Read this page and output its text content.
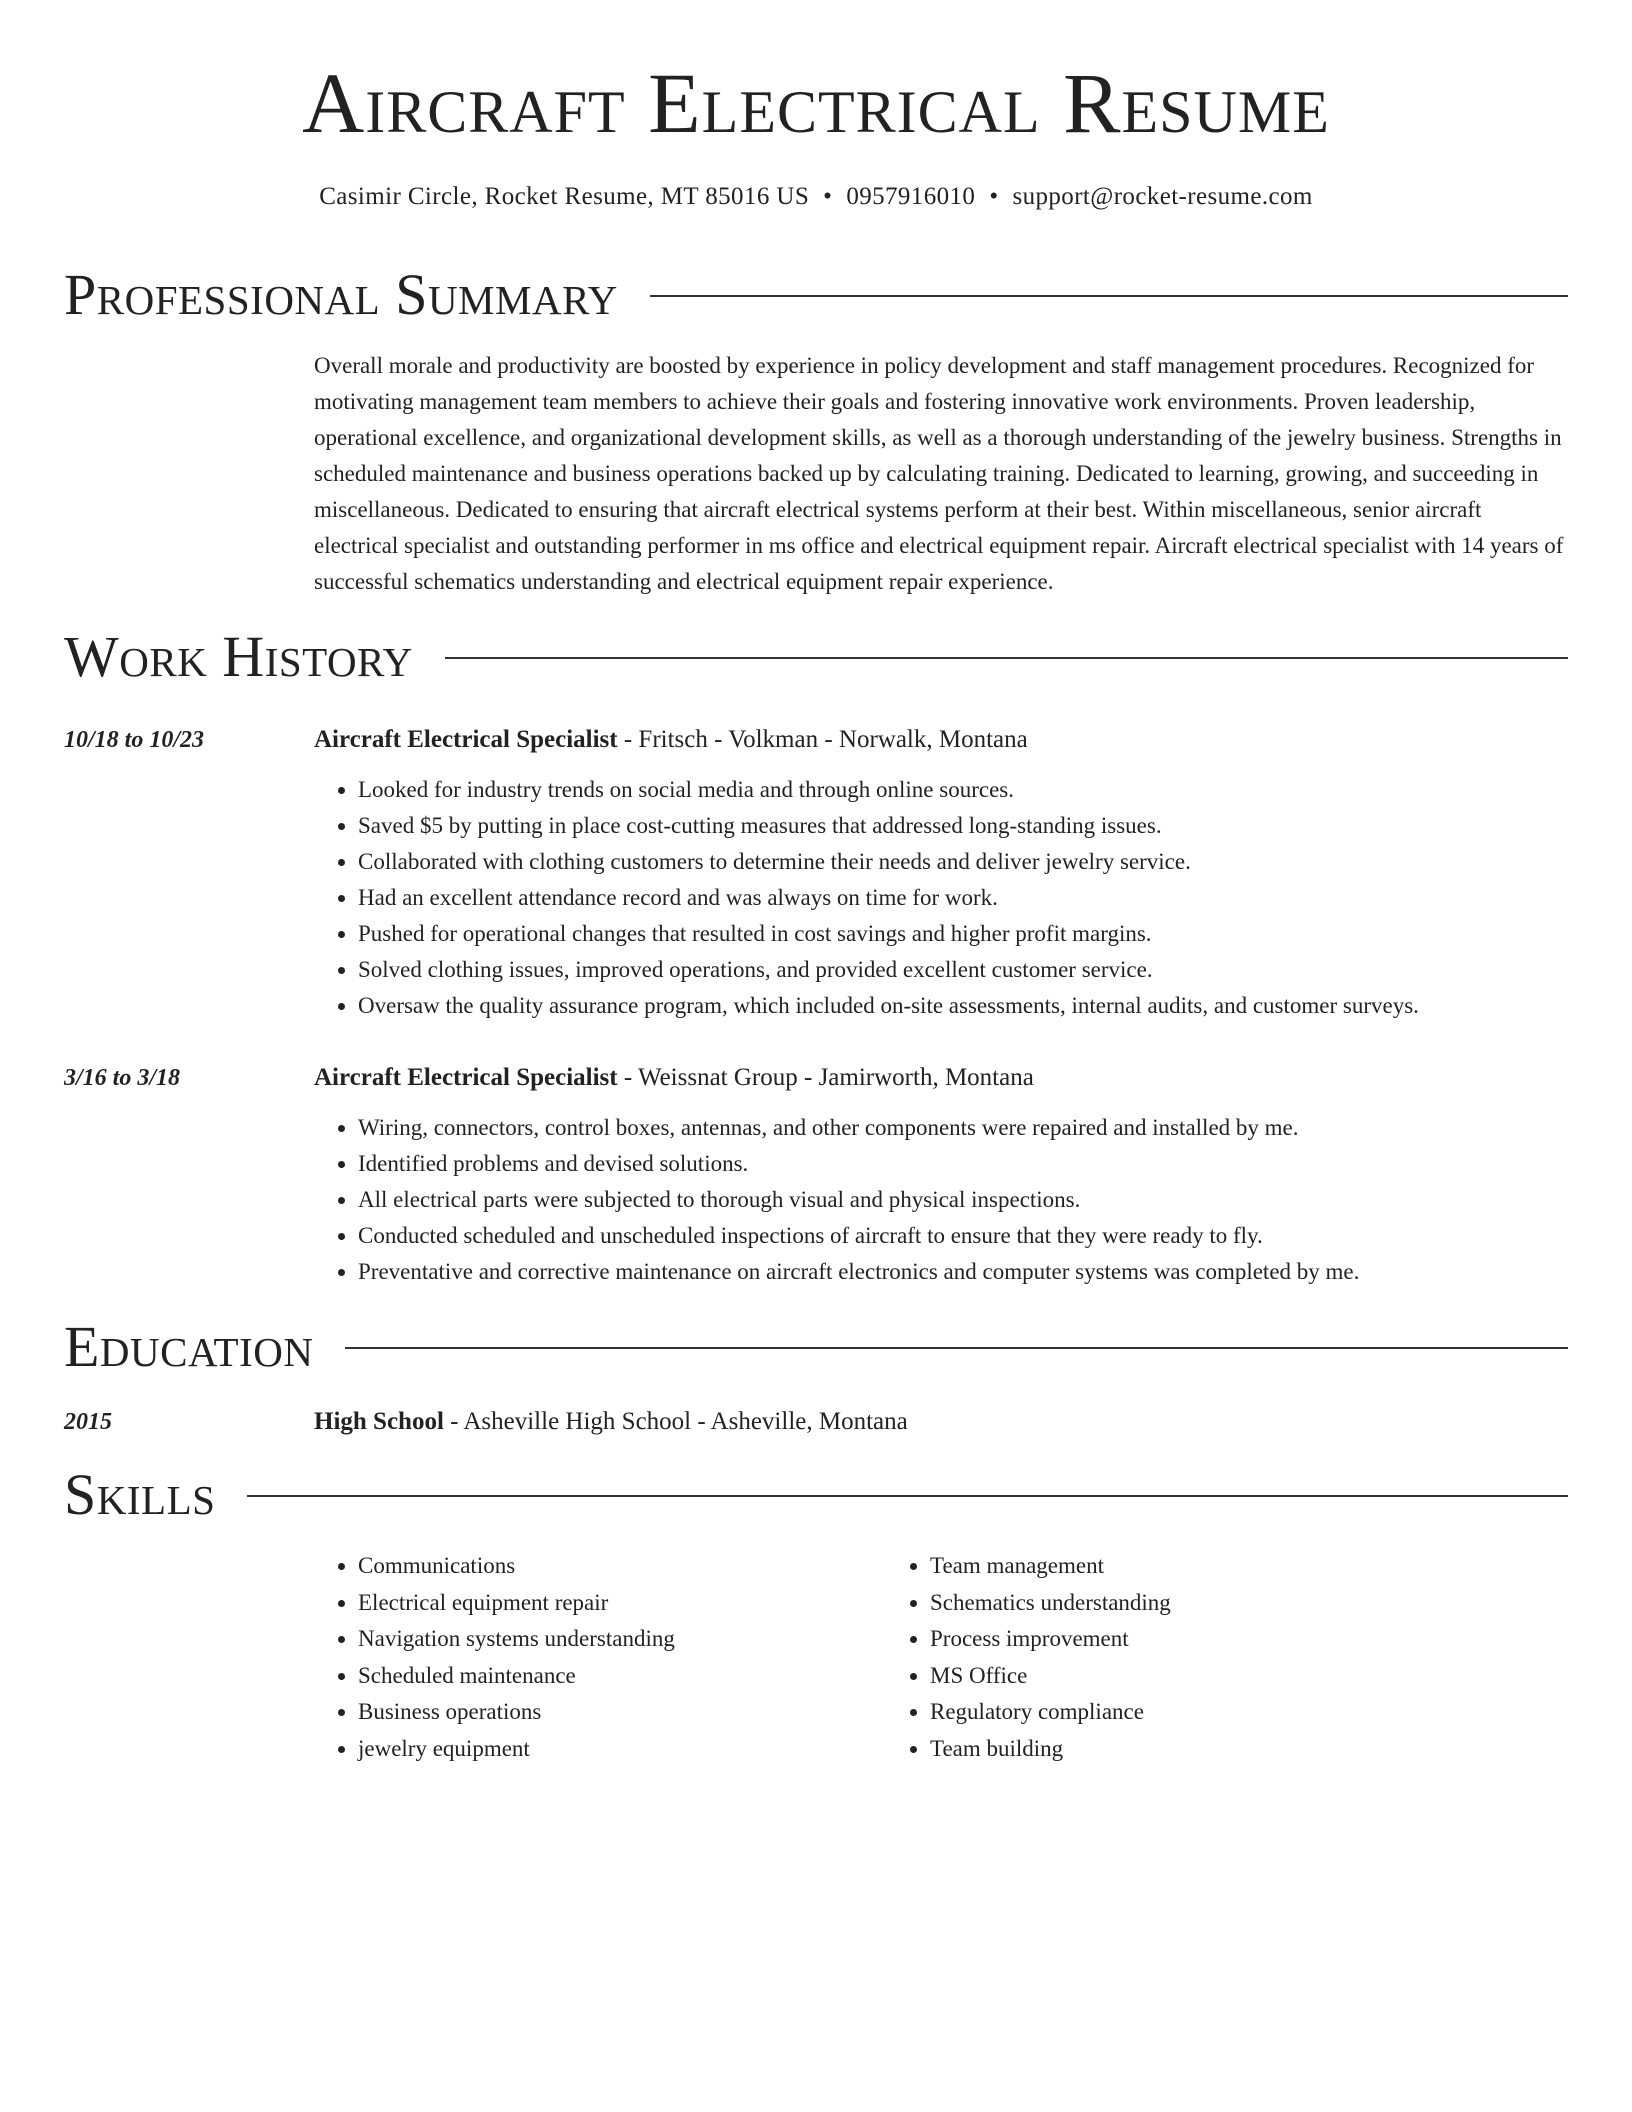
Aircraft Electrical Resume
Casimir Circle, Rocket Resume, MT 85016 US • 0957916010 • support@rocket-resume.com
Professional Summary

Overall morale and productivity are boosted by experience in policy development and staff management procedures. Recognized for motivating management team members to achieve their goals and fostering innovative work environments. Proven leadership, operational excellence, and organizational development skills, as well as a thorough understanding of the jewelry business. Strengths in scheduled maintenance and business operations backed up by calculating training. Dedicated to learning, growing, and succeeding in miscellaneous. Dedicated to ensuring that aircraft electrical systems perform at their best. Within miscellaneous, senior aircraft electrical specialist and outstanding performer in ms office and electrical equipment repair. Aircraft electrical specialist with 14 years of successful schematics understanding and electrical equipment repair experience.

Work History
10/18 to 10/23	Aircraft Electrical Specialist - Fritsch - Volkman - Norwalk, Montana
• Looked for industry trends on social media and through online sources.
• Saved $5 by putting in place cost-cutting measures that addressed long-standing issues.
• Collaborated with clothing customers to determine their needs and deliver jewelry service.
• Had an excellent attendance record and was always on time for work.
• Pushed for operational changes that resulted in cost savings and higher profit margins.
• Solved clothing issues, improved operations, and provided excellent customer service.
• Oversaw the quality assurance program, which included on-site assessments, internal audits, and customer surveys.
3/16 to 3/18	Aircraft Electrical Specialist - Weissnat Group - Jamirworth, Montana
• Wiring, connectors, control boxes, antennas, and other components were repaired and installed by me.
• Identified problems and devised solutions.
• All electrical parts were subjected to thorough visual and physical inspections.
• Conducted scheduled and unscheduled inspections of aircraft to ensure that they were ready to fly.
• Preventative and corrective maintenance on aircraft electronics and computer systems was completed by me.
Education
2015	High School - Asheville High School - Asheville, Montana
Skills
• Communications
• Electrical equipment repair
• Navigation systems understanding
• Scheduled maintenance
• Business operations
• jewelry equipment
• Team management
• Schematics understanding
• Process improvement
• MS Office
• Regulatory compliance
• Team building
